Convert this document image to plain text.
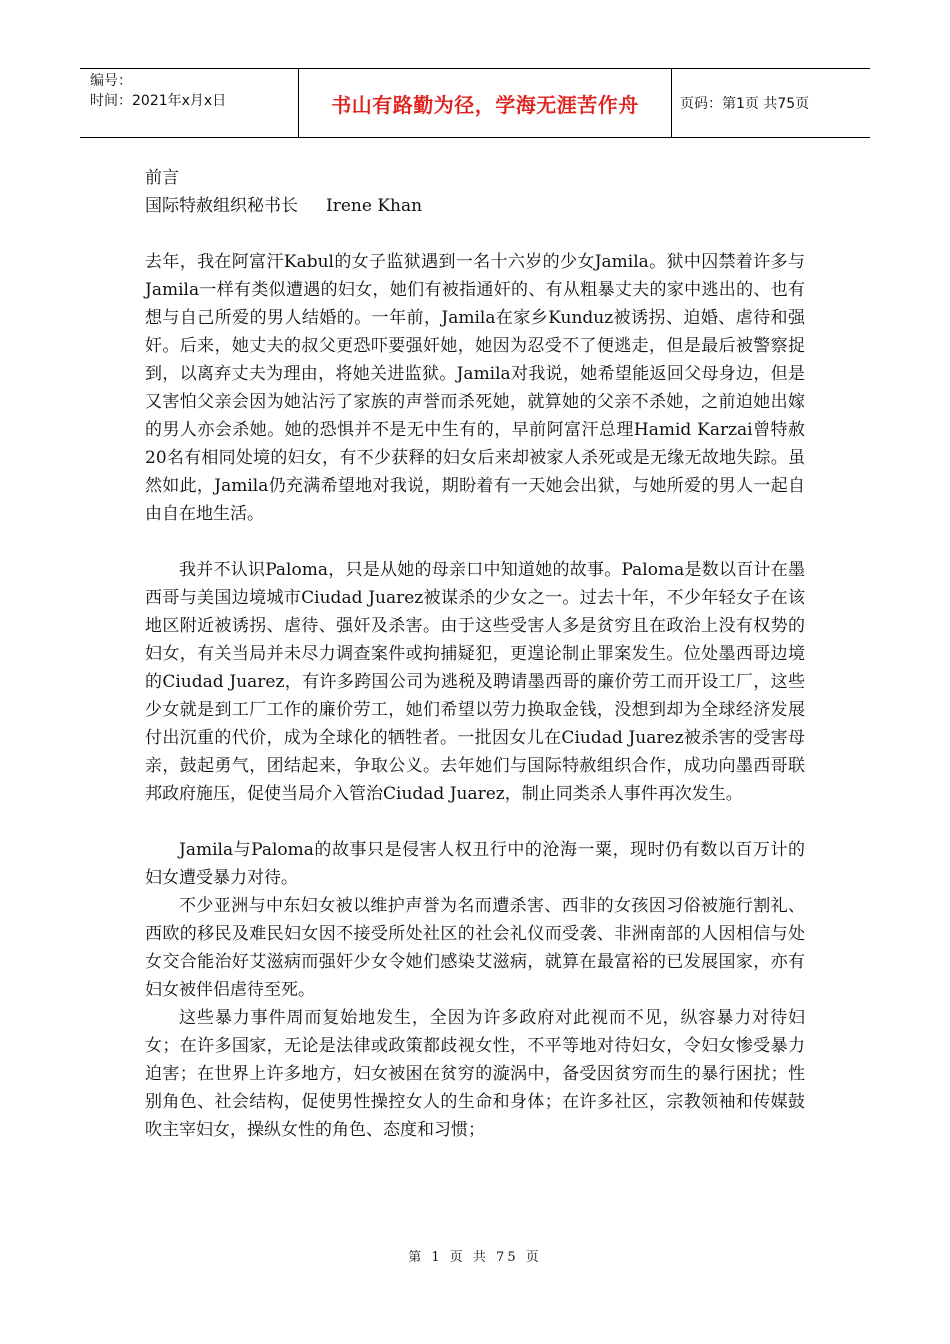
编号：
时间：2021年x月x日	书山有路勤为径，学海无涯苦作舟	页码：第1页 共75页

前言

国际特赦组织秘书长 Irene Khan

去年，我在阿富汗Kabul的女子监狱遇到一名十六岁的少女Jamila。狱中囚禁着许多与Jamila一样有类似遭遇的妇女，她们有被指通奸的、有从粗暴丈夫的家中逃出的、也有想与自己所爱的男人结婚的。一年前，Jamila在家乡Kunduz被诱拐、迫婚、虐待和强奸。后来，她丈夫的叔父更恐吓要强奸她，她因为忍受不了便逃走，但是最后被警察捉到，以离弃丈夫为理由，将她关进监狱。Jamila对我说，她希望能返回父母身边，但是又害怕父亲会因为她沾污了家族的声誉而杀死她，就算她的父亲不杀她，之前迫她出嫁的男人亦会杀她。她的恐惧并不是无中生有的，早前阿富汗总理Hamid Karzai曾特赦20名有相同处境的妇女，有不少获释的妇女后来却被家人杀死或是无缘无故地失踪。虽然如此，Jamila仍充满希望地对我说，期盼着有一天她会出狱，与她所爱的男人一起自由自在地生活。

我并不认识Paloma，只是从她的母亲口中知道她的故事。Paloma是数以百计在墨西哥与美国边境城市Ciudad Juarez被谋杀的少女之一。过去十年，不少年轻女子在该地区附近被诱拐、虐待、强奸及杀害。由于这些受害人多是贫穷且在政治上没有权势的妇女，有关当局并未尽力调查案件或拘捕疑犯，更遑论制止罪案发生。位处墨西哥边境的Ciudad Juarez，有许多跨国公司为逃税及聘请墨西哥的廉价劳工而开设工厂，这些少女就是到工厂工作的廉价劳工，她们希望以劳力换取金钱，没想到却为全球经济发展付出沉重的代价，成为全球化的牺牲者。一批因女儿在Ciudad Juarez被杀害的受害母亲，鼓起勇气，团结起来，争取公义。去年她们与国际特赦组织合作，成功向墨西哥联邦政府施压，促使当局介入管治Ciudad Juarez，制止同类杀人事件再次发生。

Jamila与Paloma的故事只是侵害人权丑行中的沧海一粟，现时仍有数以百万计的妇女遭受暴力对待。

不少亚洲与中东妇女被以维护声誉为名而遭杀害、西非的女孩因习俗被施行割礼、西欧的移民及难民妇女因不接受所处社区的社会礼仪而受袭、非洲南部的人因相信与处女交合能治好艾滋病而强奸少女令她们感染艾滋病，就算在最富裕的已发展国家，亦有妇女被伴侣虐待至死。

这些暴力事件周而复始地发生，全因为许多政府对此视而不见，纵容暴力对待妇女；在许多国家，无论是法律或政策都歧视女性，不平等地对待妇女，令妇女惨受暴力迫害；在世界上许多地方，妇女被困在贫穷的漩涡中，备受因贫穷而生的暴行困扰；性别角色、社会结构，促使男性操控女人的生命和身体；在许多社区，宗教领袖和传媒鼓吹主宰妇女，操纵女性的角色、态度和习惯；

第 1 页 共 75 页
